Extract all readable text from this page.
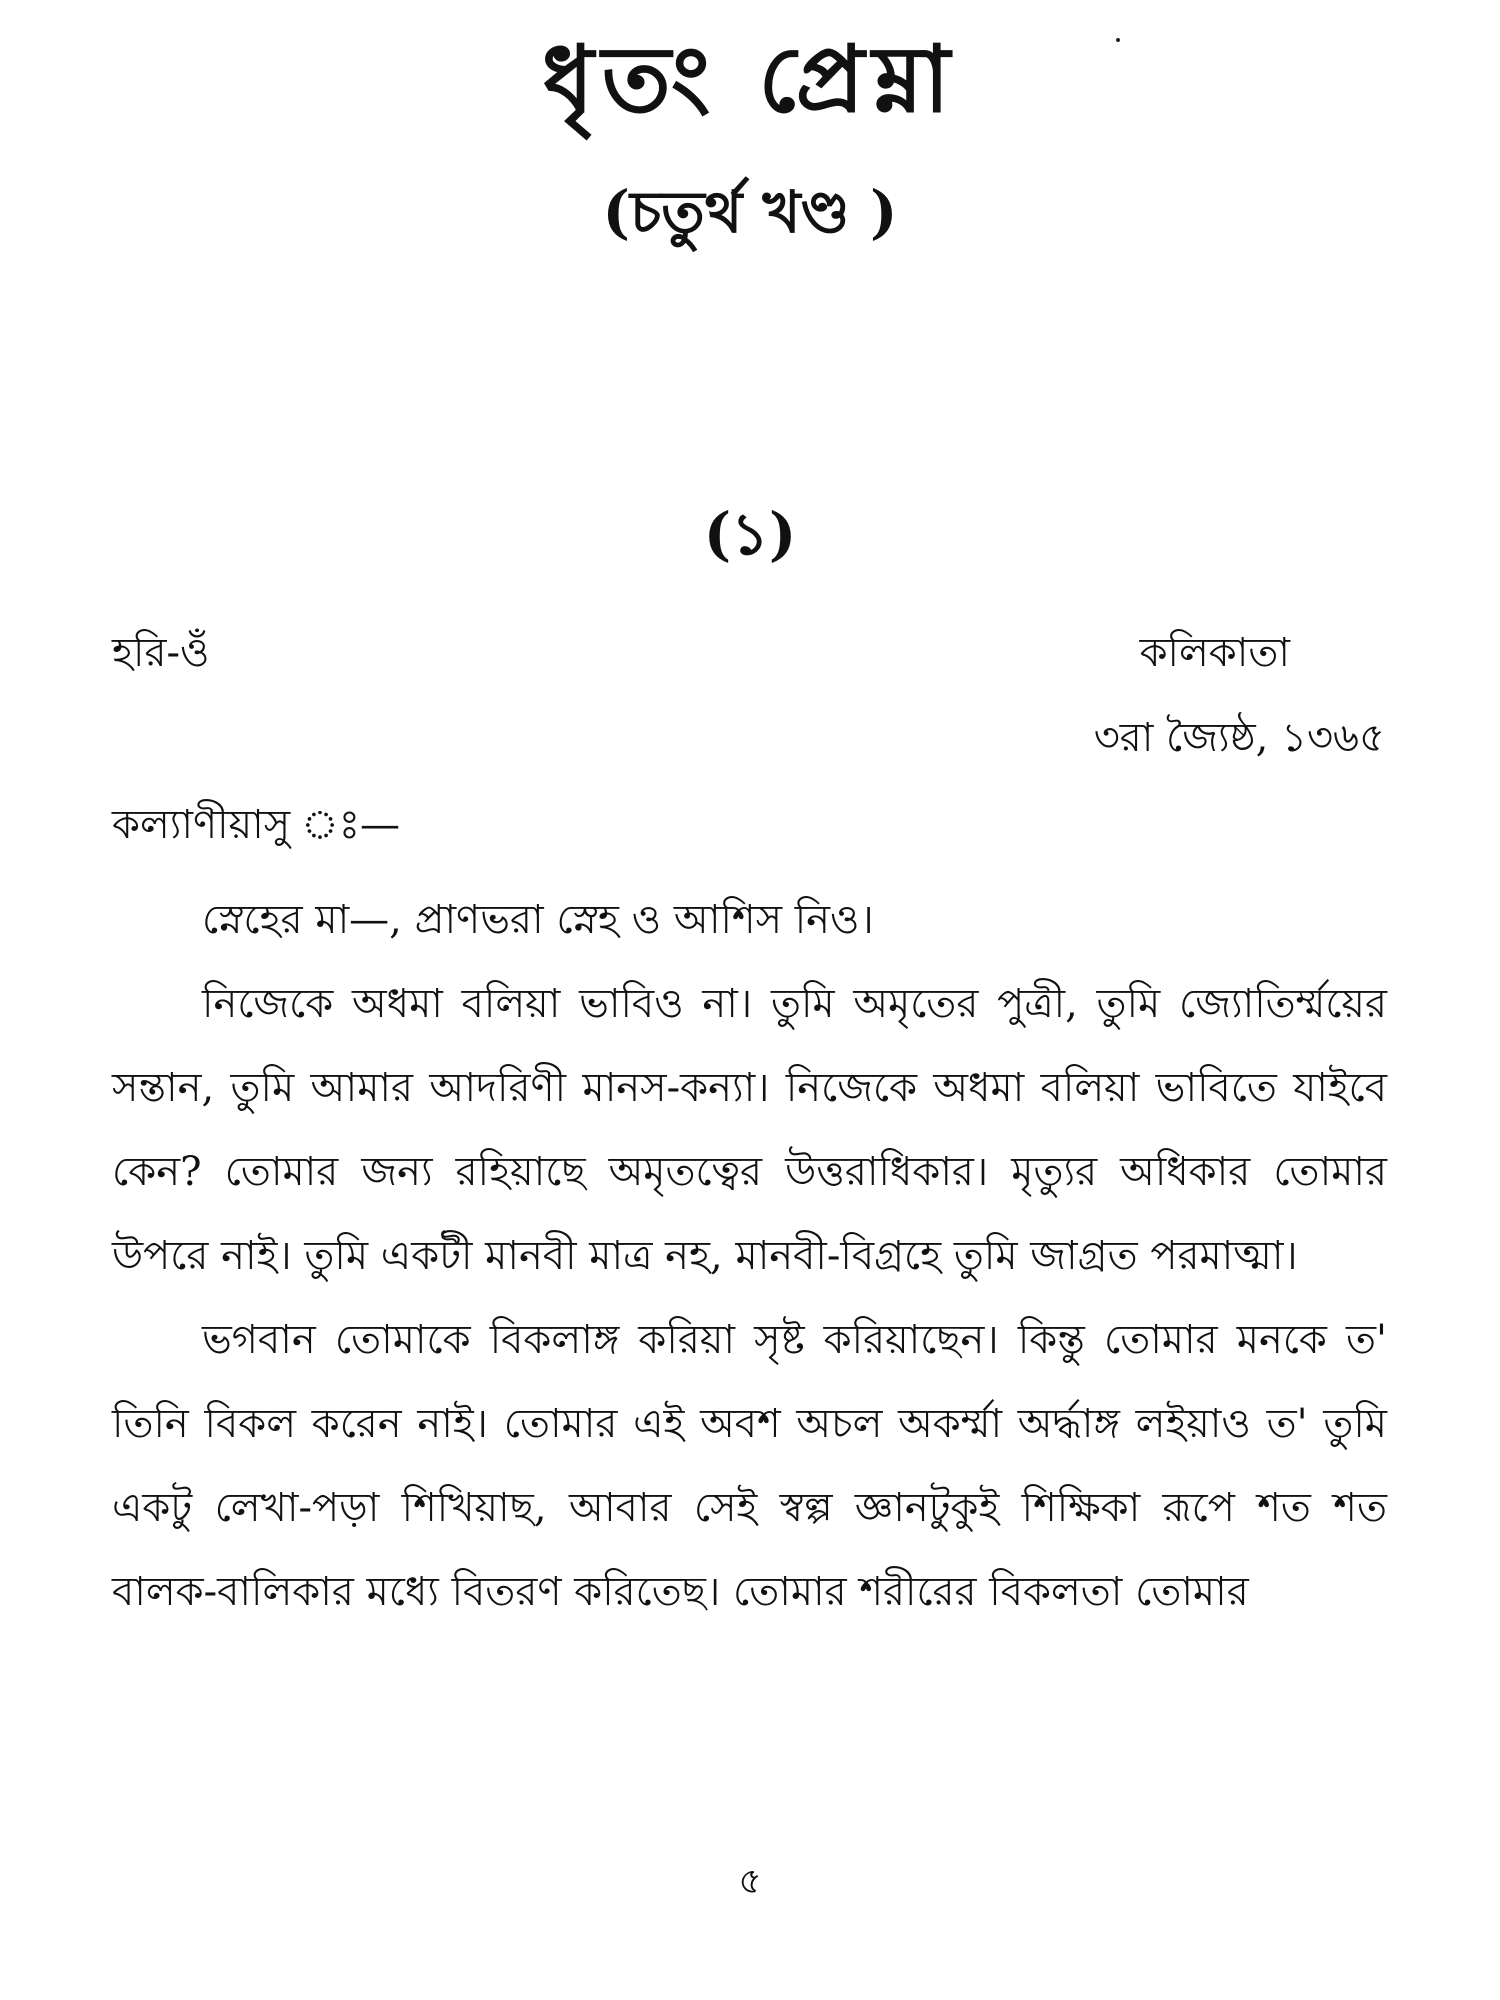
ধৃতং প্রেম্না
(চতুর্থ খণ্ড )
(১)
হরি-ওঁ	কলিকাতা
৩রা জ্যৈষ্ঠ, ১৩৬৫
কল্যাণীয়াসু ঃ—

স্নেহের মা—, প্রাণভরা স্নেহ ও আশিস নিও।

নিজেকে অধমা বলিয়া ভাবিও না। তুমি অমৃতের পুত্রী, তুমি জ্যোতির্ম্ময়ের সন্তান, তুমি আমার আদরিণী মানস-কন্যা। নিজেকে অধমা বলিয়া ভাবিতে যাইবে কেন? তোমার জন্য রহিয়াছে অমৃতত্বের উত্তরাধিকার। মৃত্যুর অধিকার তোমার উপরে নাই। তুমি একটী মানবী মাত্র নহ, মানবী-বিগ্রহে তুমি জাগ্রত পরমাত্মা।

ভগবান তোমাকে বিকলাঙ্গ করিয়া সৃষ্ট করিয়াছেন। কিন্তু তোমার মনকে ত' তিনি বিকল করেন নাই। তোমার এই অবশ অচল অকর্ম্মা অর্দ্ধাঙ্গ লইয়াও ত' তুমি একটু লেখা-পড়া শিখিয়াছ, আবার সেই স্বল্প জ্ঞানটুকুই শিক্ষিকা রূপে শত শত বালক-বালিকার মধ্যে বিতরণ করিতেছ। তোমার শরীরের বিকলতা তোমার

৫
